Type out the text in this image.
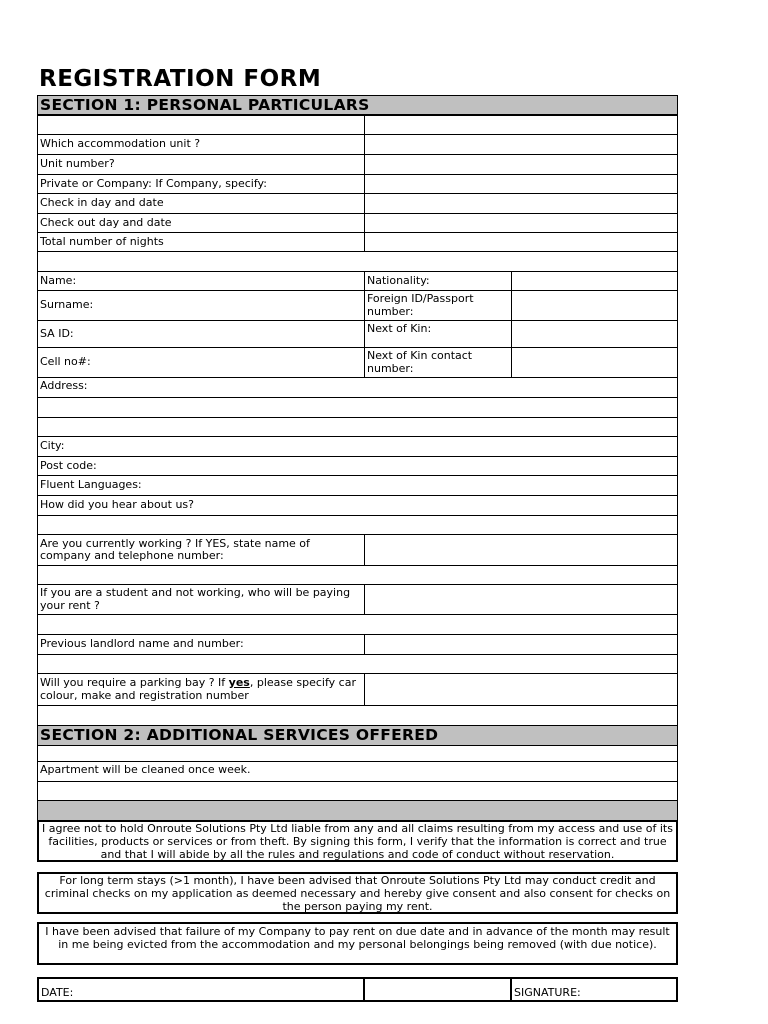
REGISTRATION FORM
SECTION 1: PERSONAL PARTICULARS
Which accommodation unit ?
Unit number?
Private or Company: If Company, specify:
Check in day and date
Check out day and date
Total number of nights
Name:	Nationality:
Surname:	Foreign ID/Passport number:
SA ID:	Next of Kin:
Cell no#:	Next of Kin contact number:
Address:
City:
Post code:
Fluent Languages:
How did you hear about us?
Are you currently working ? If YES, state name of company and telephone number:
If you are a student and not working, who will be paying your rent ?
Previous landlord name and number:
Will you require a parking bay ? If yes, please specify car colour, make and registration number
SECTION 2: ADDITIONAL SERVICES OFFERED
Apartment will be cleaned once week.
I agree not to hold Onroute Solutions Pty Ltd liable from any and all claims resulting from my access and use of its facilities, products or services or from theft. By signing this form, I verify that the information is correct and true and that I will abide by all the rules and regulations and code of conduct without reservation.
For long term stays (>1 month), I have been advised that Onroute Solutions Pty Ltd may conduct credit and criminal checks on my application as deemed necessary and hereby give consent and also consent for checks on the person paying my rent.
I have been advised that failure of my Company to pay rent on due date and in advance of the month may result in me being evicted from the accommodation and my personal belongings being removed (with due notice).
DATE:	SIGNATURE:
